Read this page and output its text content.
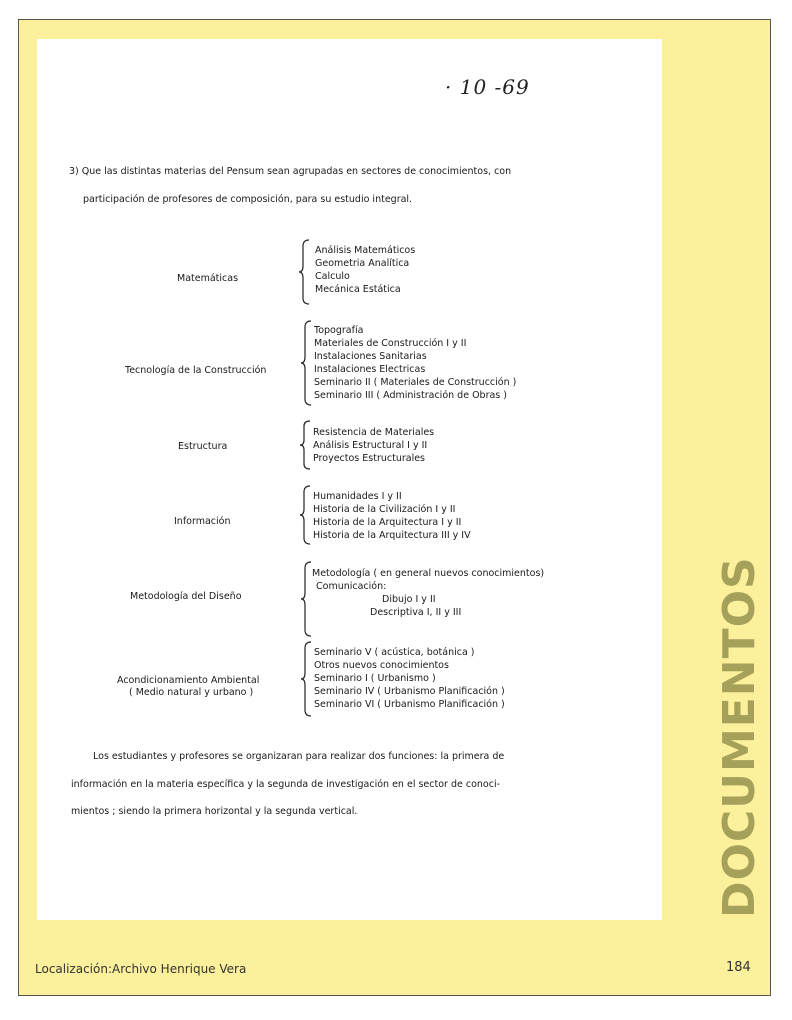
· 10 -69
3) Que las distintas materias del Pensum sean agrupadas en sectores de conocimientos, con
participación de profesores de composición, para su estudio integral.
Matemáticas
Análisis Matemáticos
Geometria Analítica
Calculo
Mecánica Estática
Tecnología de la Construcción
Topografía
Materiales de Construcción I y II
Instalaciones Sanitarias
Instalaciones Electricas
Seminario II ( Materiales de Construcción )
Seminario III ( Administración de Obras )
Estructura
Resistencia de Materiales
Análisis Estructural I y II
Proyectos Estructurales
Información
Humanidades I y II
Historia de la Civilización I y II
Historia de la Arquitectura I y II
Historia de la Arquitectura III y IV
Metodología del Diseño
Metodología ( en general nuevos conocimientos)
Comunicación:
Dibujo I y II
Descriptiva I, II y III
Acondicionamiento Ambiental
( Medio natural y urbano )
Seminario V ( acústica, botánica )
Otros nuevos conocimientos
Seminario I ( Urbanismo )
Seminario IV ( Urbanismo Planificación )
Seminario VI ( Urbanismo Planificación )
Los estudiantes y profesores se organizaran para realizar dos funciones: la primera de
información en la materia específica y la segunda de investigación en el sector de conoci-
mientos ; siendo la primera horizontal y la segunda vertical.	DOCUMENTOS
Localización:Archivo Henrique Vera	184
